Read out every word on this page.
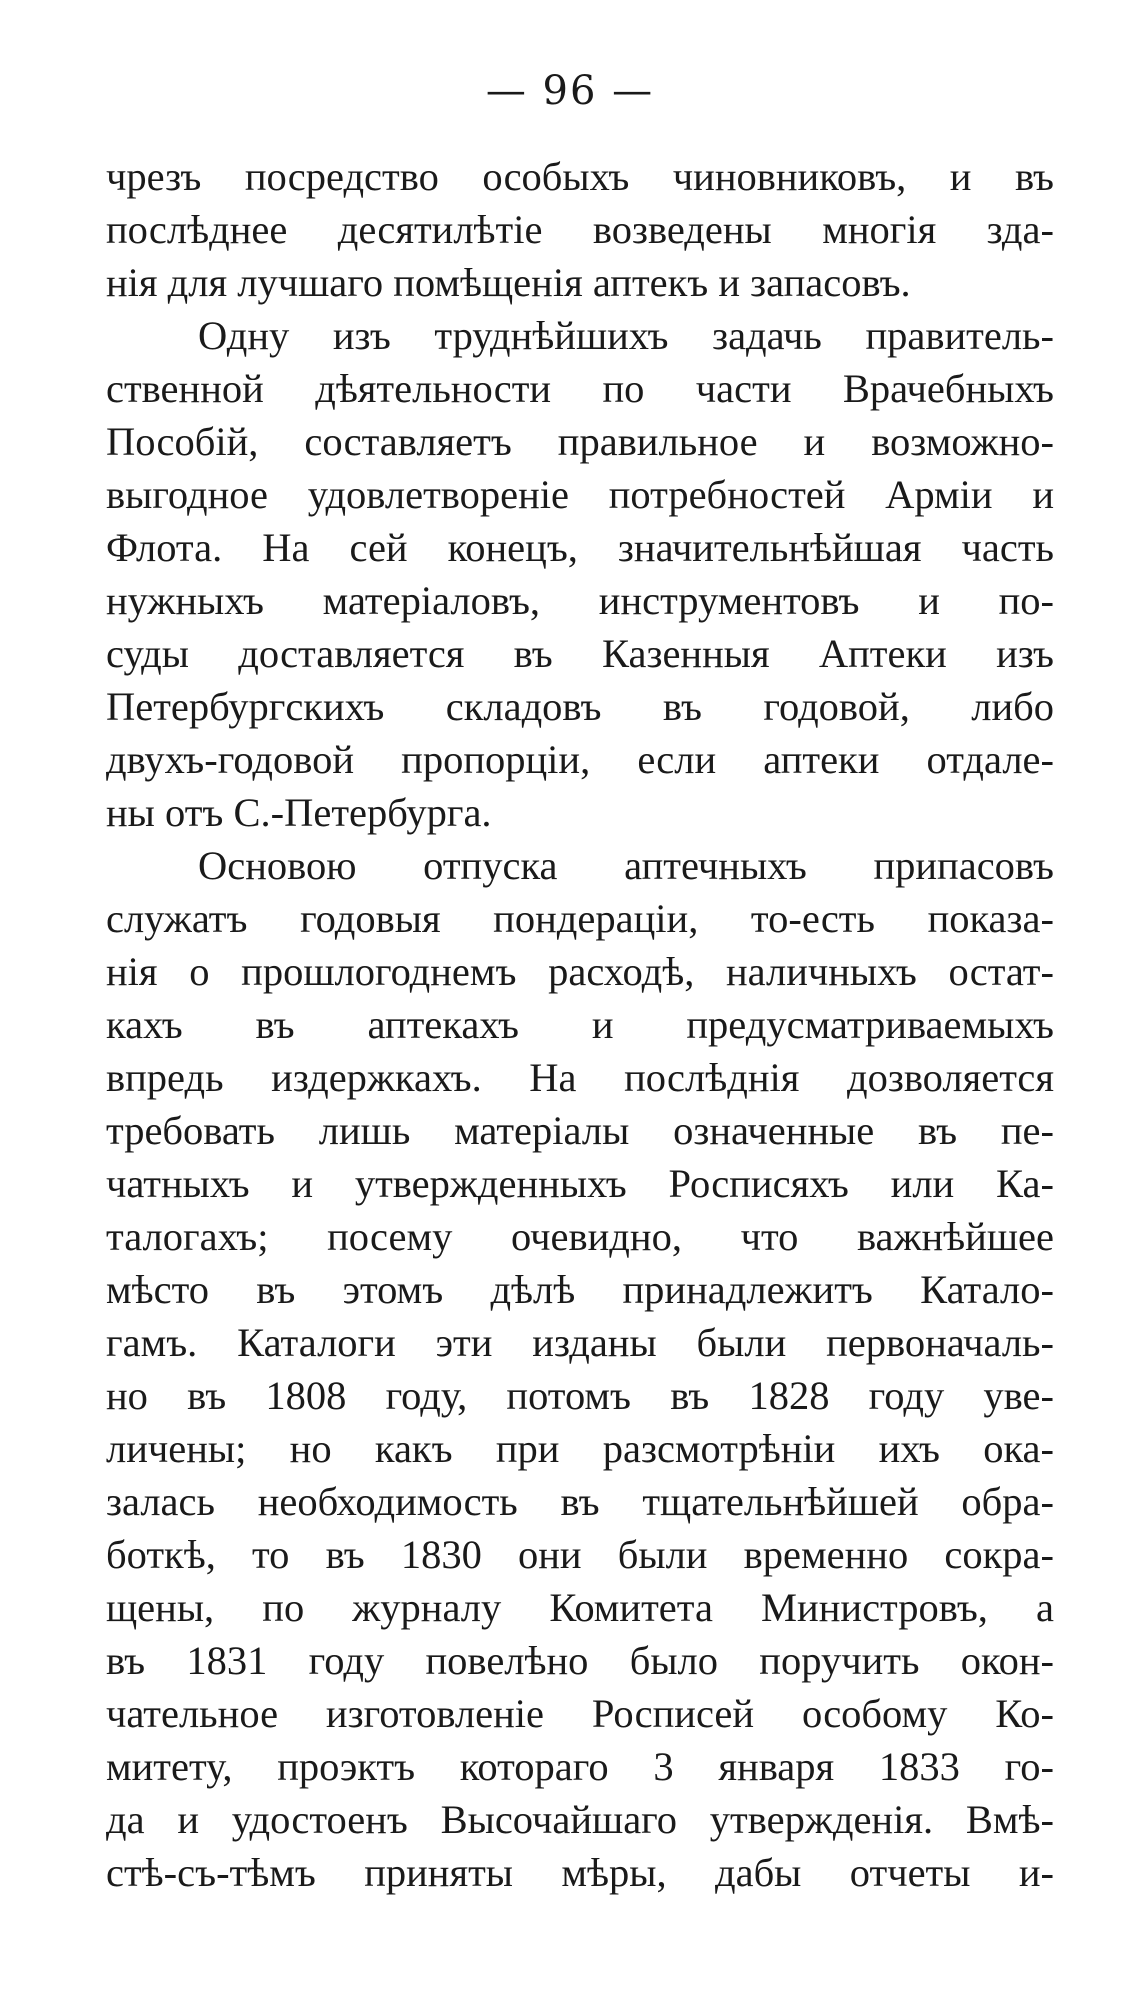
— 96 —
чрезъ посредство особыхъ чиновниковъ, и въ
послѣднее десятилѣтіе возведены многія зда-
нія для лучшаго помѣщенія аптекъ и запасовъ.
Одну изъ труднѣйшихъ задачь правитель-
ственной дѣятельности по части Врачебныхъ
Пособій, составляетъ правильное и возможно-
выгодное удовлетвореніе потребностей Арміи и
Флота. На сей конецъ, значительнѣйшая часть
нужныхъ матеріаловъ, инструментовъ и по-
суды доставляется въ Казенныя Аптеки изъ
Петербургскихъ складовъ въ годовой, либо
двухъ-годовой пропорціи, если аптеки отдале-
ны отъ С.-Петербурга.
Основою отпуска аптечныхъ припасовъ
служатъ годовыя пондераціи, то-есть показа-
нія о прошлогоднемъ расходѣ, наличныхъ остат-
кахъ въ аптекахъ и предусматриваемыхъ
впредь издержкахъ. На послѣднія дозволяется
требовать лишь матеріалы означенные въ пе-
чатныхъ и утвержденныхъ Росписяхъ или Ка-
талогахъ; посему очевидно, что важнѣйшее
мѣсто въ этомъ дѣлѣ принадлежитъ Катало-
гамъ. Каталоги эти изданы были первоначаль-
но въ 1808 году, потомъ въ 1828 году уве-
личены; но какъ при разсмотрѣніи ихъ ока-
залась необходимость въ тщательнѣйшей обра-
боткѣ, то въ 1830 они были временно сокра-
щены, по журналу Комитета Министровъ, а
въ 1831 году повелѣно было поручить окон-
чательное изготовленіе Росписей особому Ко-
митету, проэктъ котораго 3 января 1833 го-
да и удостоенъ Высочайшаго утвержденія. Вмѣ-
стѣ-съ-тѣмъ приняты мѣры, дабы отчеты и-
